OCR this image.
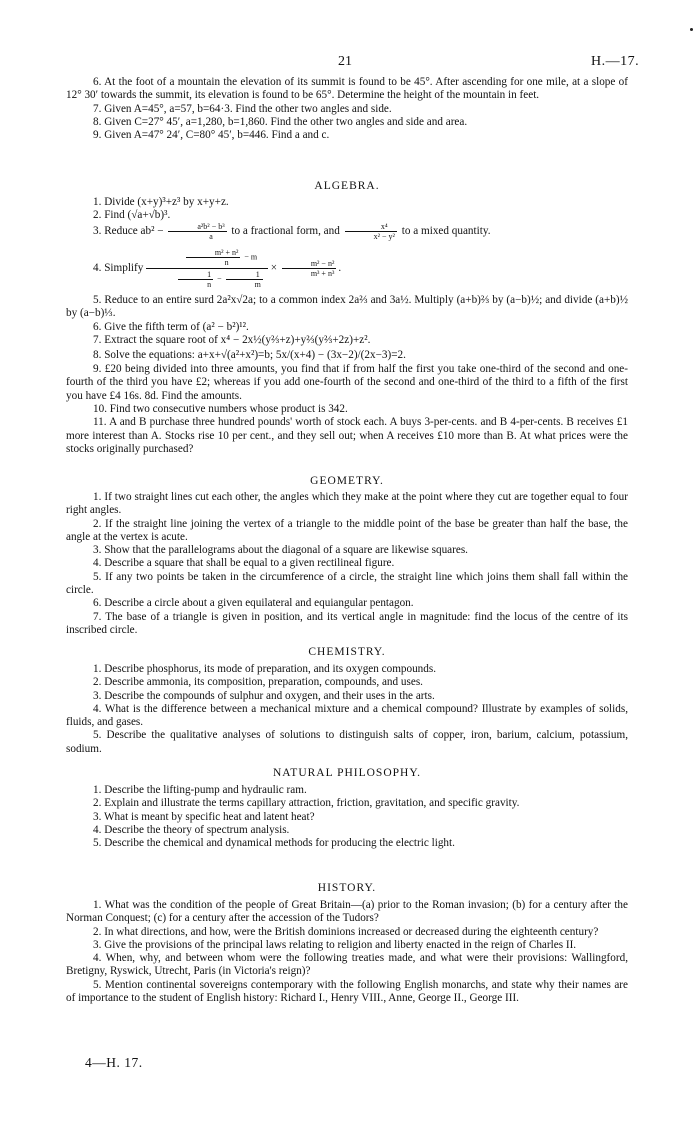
21	H.—17.

6. At the foot of a mountain the elevation of its summit is found to be 45°. After ascending for one mile, at a slope of 12° 30′ towards the summit, its elevation is found to be 65°. Determine the height of the mountain in feet.

7. Given A=45°, a=57, b=64·3. Find the other two angles and side.

8. Given C=27° 45′, a=1,280, b=1,860. Find the other two angles and side and area.

9. Given A=47° 24′, C=80° 45′, b=446. Find a and c.

ALGEBRA.

1. Divide (x+y)³+z³ by x+y+z.

2. Find (√a+√b)³.

3. Reduce $ab^2 - \frac{\text{a²b² − b³}}{a}$ to a fractional form, and $\frac{\text{x⁴}}{\text{x² − y²}}$ to a mixed quantity.

4. Simplify $\frac{\frac{\text{m² + n²}}{n} - m}{\frac{1}{n} - \frac{1}{m}} \times \frac{\text{m² − n²}}{\text{m³ + n³}}$ .

5. Reduce to an entire surd 2a²x√2a; to a common index 2a⅔ and 3a½. Multiply (a+b)⅔ by (a−b)½; and divide (a+b)½ by (a−b)⅓.

6. Give the fifth term of (a² − b²)¹².

7. Extract the square root of x⁴ − 2x½(y⅔+z)+y⅔(y⅔+2z)+z².

8. Solve the equations: a+x+√(a²+x²)=b; 5x/(x+4) − (3x−2)/(2x−3)=2.

9. £20 being divided into three amounts, you find that if from half the first you take one-third of the second and one-fourth of the third you have £2; whereas if you add one-fourth of the second and one-third of the third to a fifth of the first you have £4 16s. 8d. Find the amounts.

10. Find two consecutive numbers whose product is 342.

11. A and B purchase three hundred pounds' worth of stock each. A buys 3-per-cents. and B 4-per-cents. B receives £1 more interest than A. Stocks rise 10 per cent., and they sell out; when A receives £10 more than B. At what prices were the stocks originally purchased?

GEOMETRY.

1. If two straight lines cut each other, the angles which they make at the point where they cut are together equal to four right angles.

2. If the straight line joining the vertex of a triangle to the middle point of the base be greater than half the base, the angle at the vertex is acute.

3. Show that the parallelograms about the diagonal of a square are likewise squares.

4. Describe a square that shall be equal to a given rectilineal figure.

5. If any two points be taken in the circumference of a circle, the straight line which joins them shall fall within the circle.

6. Describe a circle about a given equilateral and equiangular pentagon.

7. The base of a triangle is given in position, and its vertical angle in magnitude: find the locus of the centre of its inscribed circle.

CHEMISTRY.

1. Describe phosphorus, its mode of preparation, and its oxygen compounds.

2. Describe ammonia, its composition, preparation, compounds, and uses.

3. Describe the compounds of sulphur and oxygen, and their uses in the arts.

4. What is the difference between a mechanical mixture and a chemical compound? Illustrate by examples of solids, fluids, and gases.

5. Describe the qualitative analyses of solutions to distinguish salts of copper, iron, barium, calcium, potassium, sodium.

NATURAL PHILOSOPHY.

1. Describe the lifting-pump and hydraulic ram.

2. Explain and illustrate the terms capillary attraction, friction, gravitation, and specific gravity.

3. What is meant by specific heat and latent heat?

4. Describe the theory of spectrum analysis.

5. Describe the chemical and dynamical methods for producing the electric light.

HISTORY.

1. What was the condition of the people of Great Britain—(a) prior to the Roman invasion; (b) for a century after the Norman Conquest; (c) for a century after the accession of the Tudors?

2. In what directions, and how, were the British dominions increased or decreased during the eighteenth century?

3. Give the provisions of the principal laws relating to religion and liberty enacted in the reign of Charles II.

4. When, why, and between whom were the following treaties made, and what were their provisions: Wallingford, Bretigny, Ryswick, Utrecht, Paris (in Victoria's reign)?

5. Mention continental sovereigns contemporary with the following English monarchs, and state why their names are of importance to the student of English history: Richard I., Henry VIII., Anne, George II., George III.

4—H. 17.
